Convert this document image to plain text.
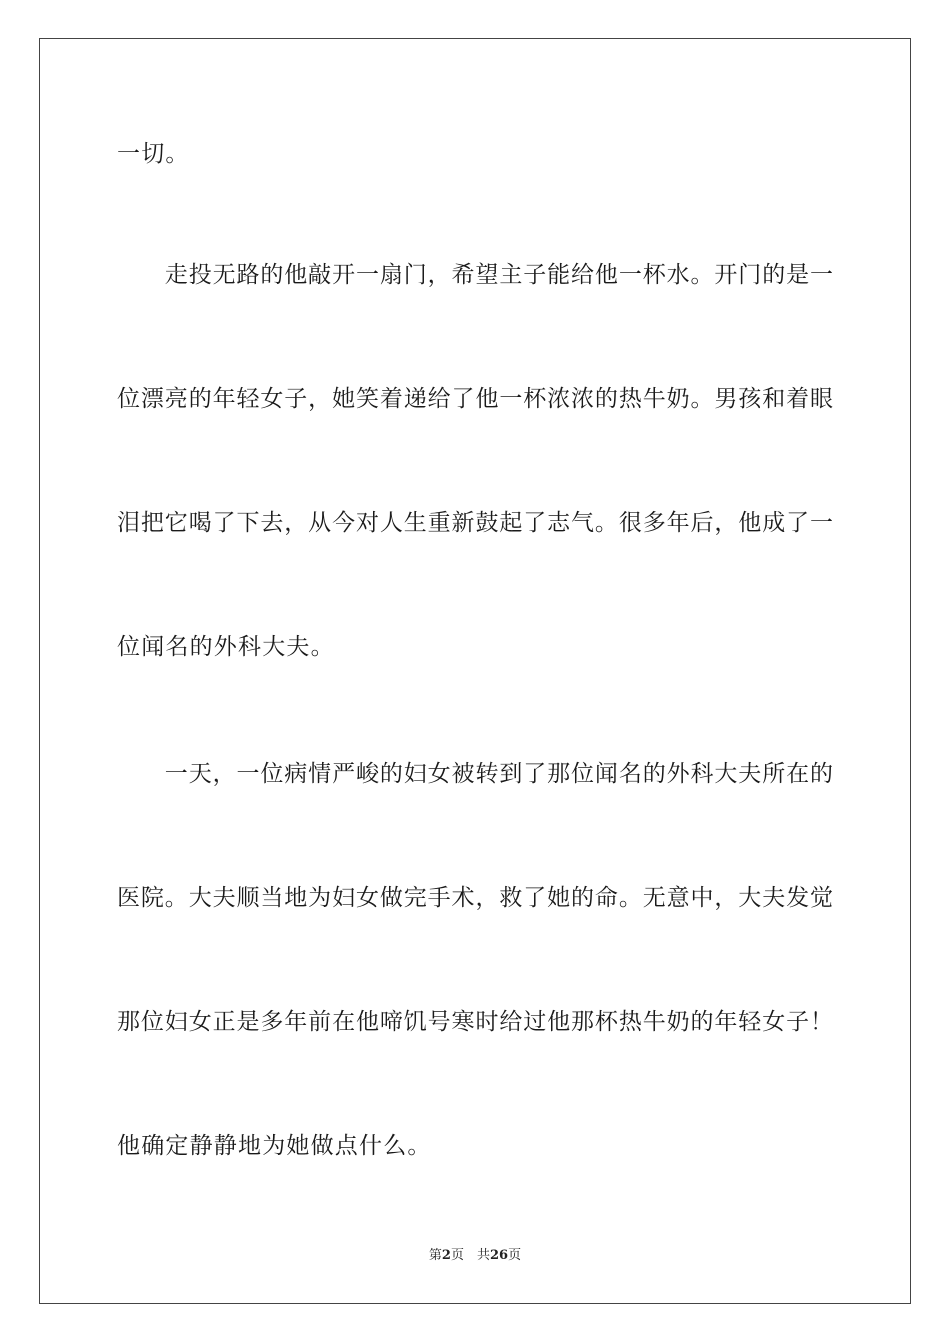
一切。
　　走投无路的他敲开一扇门，希望主子能给他一杯水。开门的是一
位漂亮的年轻女子，她笑着递给了他一杯浓浓的热牛奶。男孩和着眼
泪把它喝了下去，从今对人生重新鼓起了志气。很多年后，他成了一
位闻名的外科大夫。
　　一天，一位病情严峻的妇女被转到了那位闻名的外科大夫所在的
医院。大夫顺当地为妇女做完手术，救了她的命。无意中，大夫发觉
那位妇女正是多年前在他啼饥号寒时给过他那杯热牛奶的年轻女子！
他确定静静地为她做点什么。
第2页　 共26页
